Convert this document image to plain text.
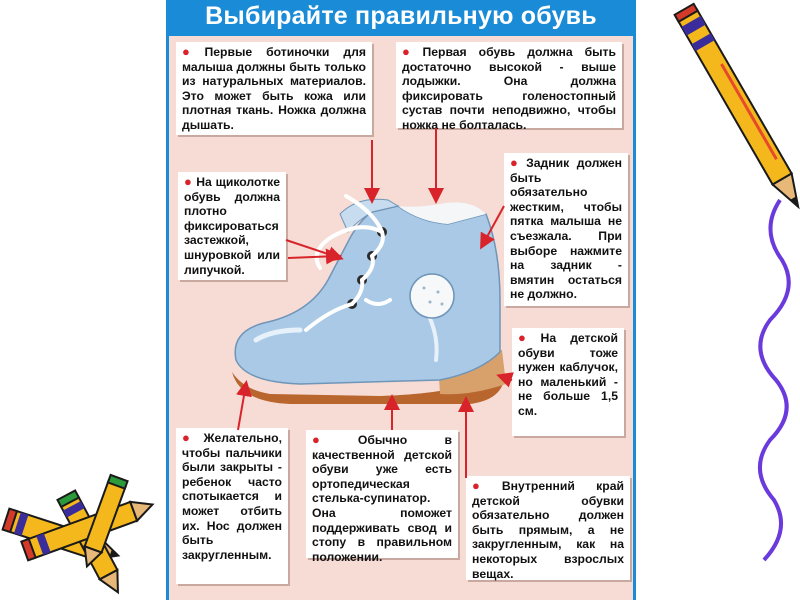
Выбирайте правильную обувь
● Первые ботиночки для малыша должны быть только из натуральных материалов. Это может быть кожа или плотная ткань. Ножка должна дышать.
● Первая обувь должна быть достаточно высокой - выше лодыжки. Она должна фиксировать голеностопный сустав почти неподвижно, чтобы ножка не болталась.
● На щиколотке обувь должна плотно фиксироваться застежкой, шнуровкой или липучкой.
● Задник должен быть обязательно жестким, чтобы пятка малыша не съезжала. При выборе нажмите на задник - вмятин остаться не должно.
● На детской обуви тоже нужен каблучок, но маленький - не больше 1,5 см.
● Желательно, чтобы пальчики были закрыты - ребенок часто спотыкается и может отбить их. Нос должен быть закругленным.
● Обычно в качественной детской обуви уже есть ортопедическая стелька-супинатор. Она поможет поддерживать свод и стопу в правильном положении.
● Внутренний край детской обувки обязательно должен быть прямым, а не закругленным, как на некоторых взрослых вещах.
